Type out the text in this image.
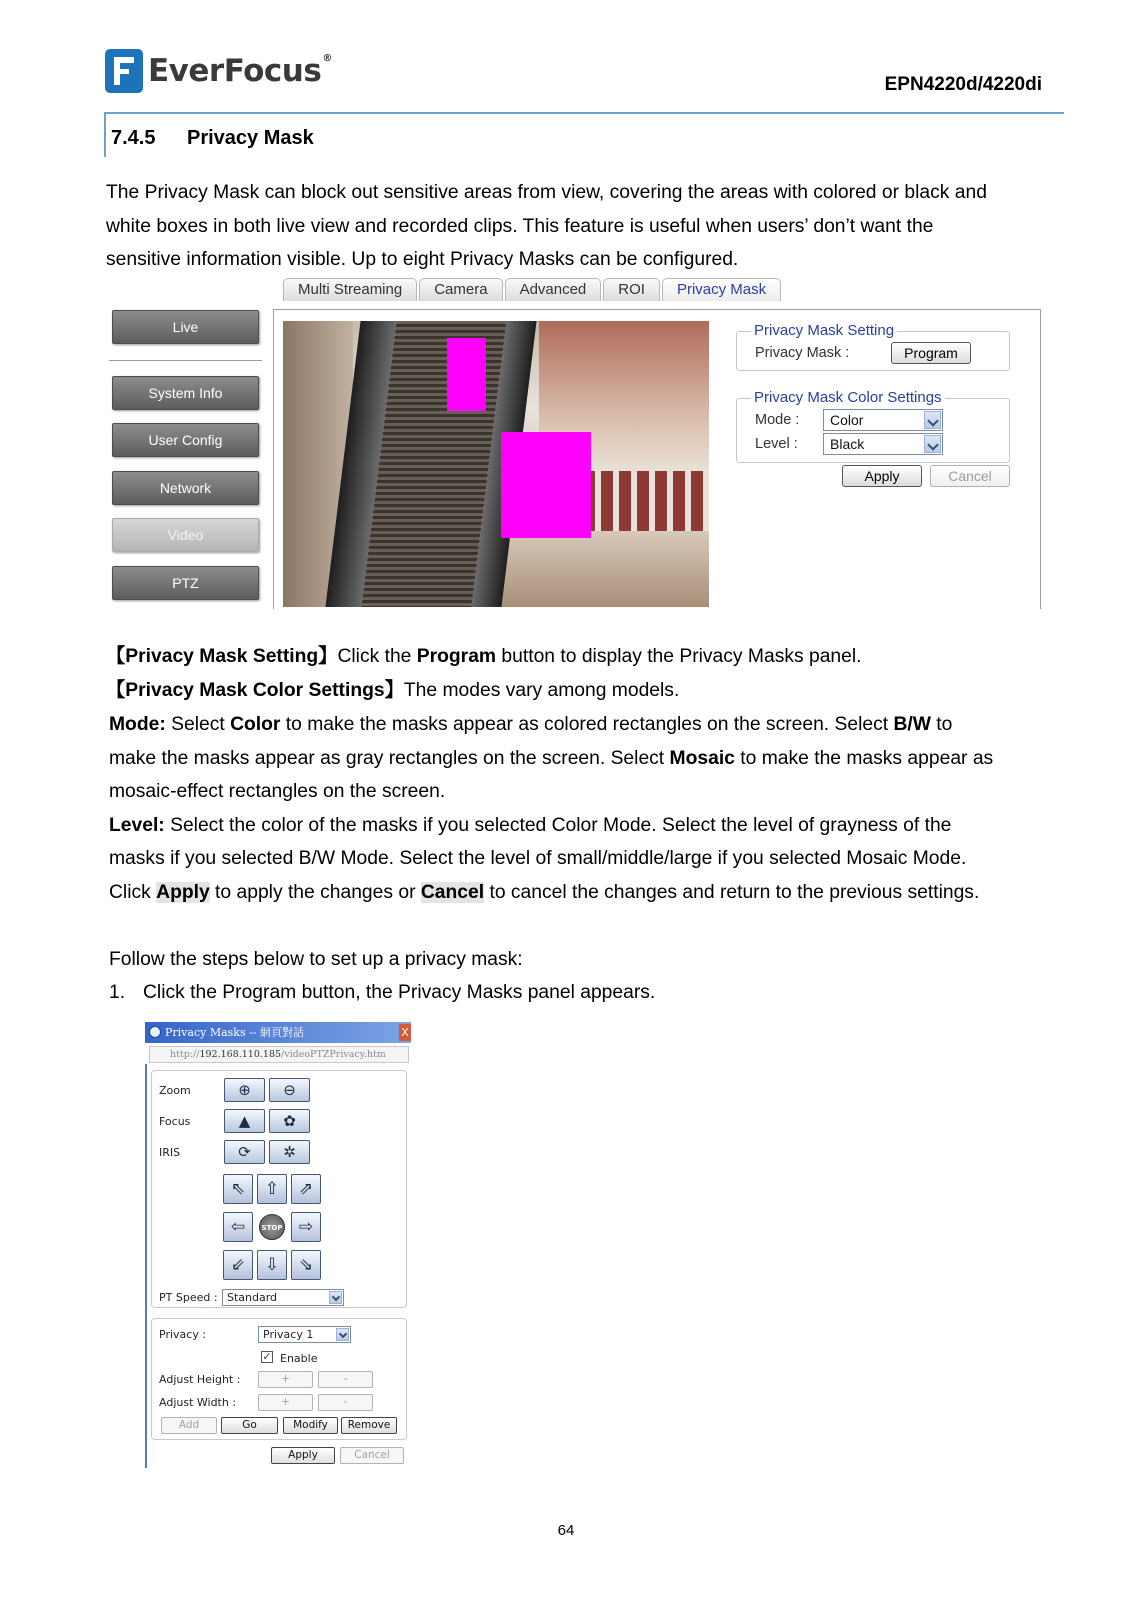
EverFocus®
EPN4220d/4220di
7.4.5 Privacy Mask
The Privacy Mask can block out sensitive areas from view, covering the areas with colored or black and
white boxes in both live view and recorded clips. This feature is useful when users’ don’t want the
sensitive information visible. Up to eight Privacy Masks can be configured.
Multi Streaming	Camera	Advanced	ROI	Privacy Mask
Live
System Info
User Config
Network
Video
PTZ
Privacy Mask Setting
Privacy Mask :	Program
Privacy Mask Color Settings
Mode :	Color
Level :	Black
Apply	Cancel
【Privacy Mask Setting】Click the Program button to display the Privacy Masks panel.
【Privacy Mask Color Settings】The modes vary among models.
Mode: Select Color to make the masks appear as colored rectangles on the screen. Select B/W to
make the masks appear as gray rectangles on the screen. Select Mosaic to make the masks appear as
mosaic-effect rectangles on the screen.
Level: Select the color of the masks if you selected Color Mode. Select the level of grayness of the
masks if you selected B/W Mode. Select the level of small/middle/large if you selected Mosaic Mode.
Click Apply to apply the changes or Cancel to cancel the changes and return to the previous settings.
Follow the steps below to set up a privacy mask:
1. Click the Program button, the Privacy Masks panel appears.
Privacy Masks -- 網頁對話	X
http://192.168.110.185/videoPTZPrivacy.htm
Zoom	⊕	⊖
Focus	▲	✿
IRIS	⟳	✲
⇖	⇧	⇗
⇦	STOP ⇨
⇙	⇩	⇘
PT Speed : Standard
Privacy :	Privacy 1
✓ Enable
Adjust Height :	+	-
Adjust Width :	+	-
Add	Go	Modify	Remove
Apply	Cancel
64
